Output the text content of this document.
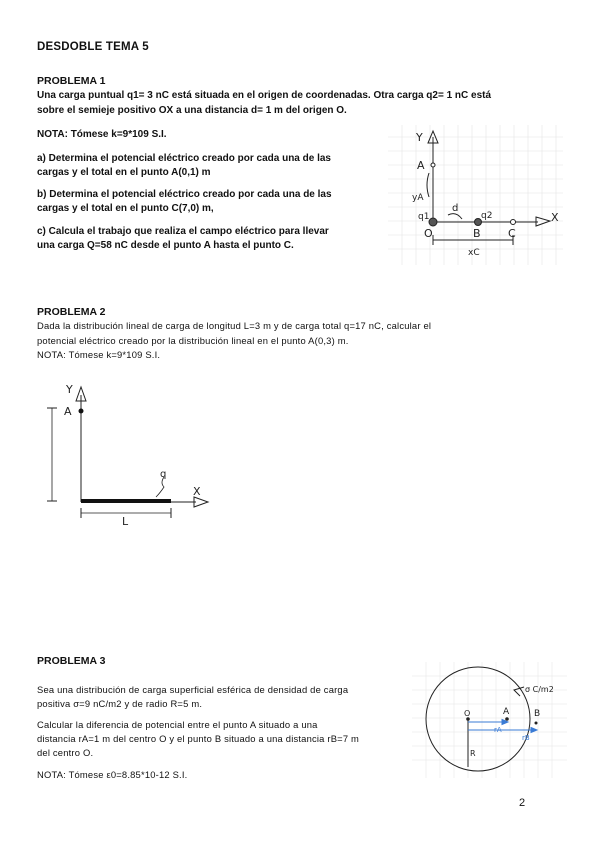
DESDOBLE TEMA 5
PROBLEMA 1
Una carga puntual q1= 3 nC está situada en el origen de coordenadas. Otra carga q2= 1 nC está
sobre el semieje positivo OX a una distancia d= 1 m del origen O.
NOTA: Tómese k=9*109 S.I.
a) Determina el potencial eléctrico creado por cada una de las
cargas y el total en el punto A(0,1) m
b) Determina el potencial eléctrico creado por cada una de las
cargas y el total en el punto C(7,0) m,
c) Calcula el trabajo que realiza el campo eléctrico para llevar
una carga Q=58 nC desde el punto A hasta el punto C.
Y
X
A
yA
q1
d
q2
O	B C
xC
PROBLEMA 2
Dada la distribución lineal de carga de longitud L=3 m y de carga total q=17 nC, calcular el
potencial eléctrico creado por la distribución lineal en el punto A(0,3) m.
NOTA: Tómese k=9*109 S.I.
Y
X
A
L
q
PROBLEMA 3
Sea una distribución de carga superficial esférica de densidad de carga
positiva σ=9 nC/m2 y de radio R=5 m.
Calcular la diferencia de potencial entre el punto A situado a una
distancia rA=1 m del centro O y el punto B situado a una distancia rB=7 m
del centro O.
NOTA: Tómese ε0=8.85*10-12 S.I.
O	A	B
R
σ C/m2
rA
rB
2
